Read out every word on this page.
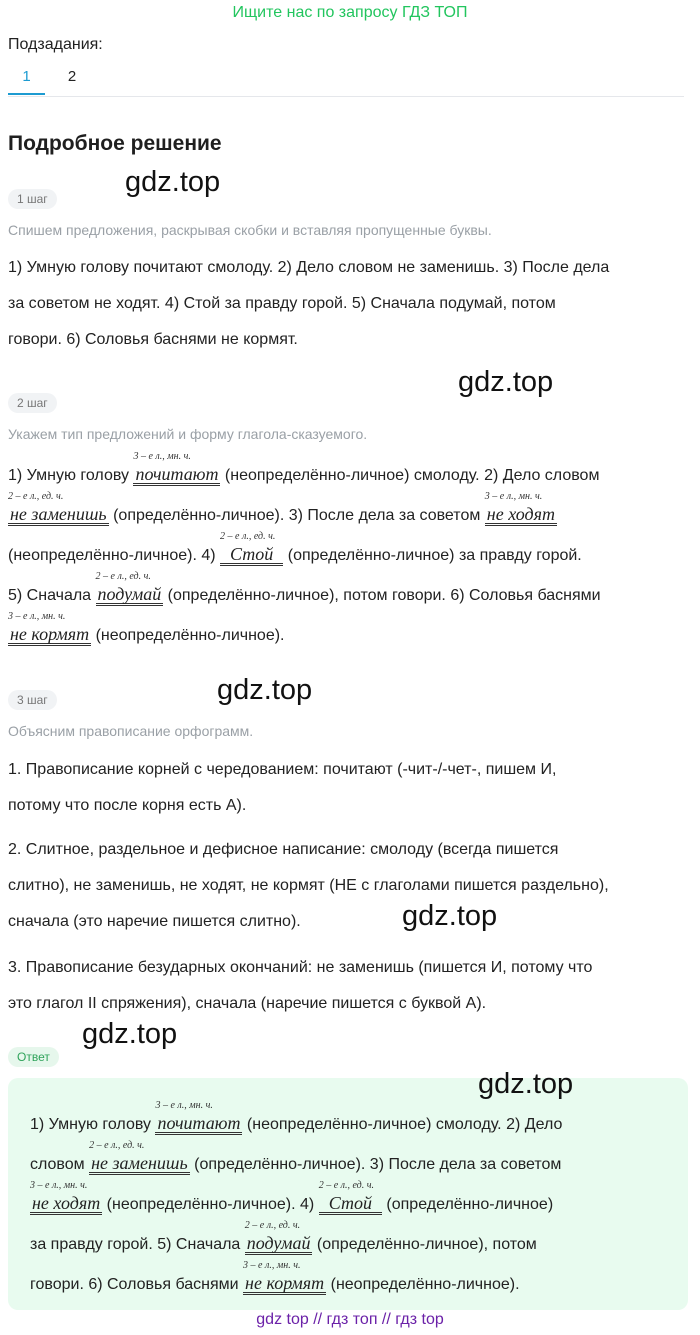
Ищите нас по запросу ГДЗ ТОП
Подзадания:
1	2
Подробное решение
1 шаг
gdz.top
Спишем предложения, раскрывая скобки и вставляя пропущенные буквы.
1) Умную голову почитают смолоду. 2) Дело словом не заменишь. 3) После дела
за советом не ходят. 4) Стой за правду горой. 5) Сначала подумай, потом
говори. 6) Соловья баснями не кормят.
gdz.top
2 шаг
Укажем тип предложений и форму глагола-сказуемого.
1) Умную голову
3 – е л., мн. ч.
почитают (неопределённо-личное) смолоду. 2) Дело словом
2 – е л., ед. ч.
не заменишь (определённо-личное). 3) После дела за советом
3 – е л., мн. ч.
не ходят
(неопределённо-личное). 4)
2 – е л., ед. ч.
Стой (определённо-личное) за правду горой.
5) Сначала
2 – е л., ед. ч.
подумай (определённо-личное), потом говори. 6) Соловья баснями
3 – е л., мн. ч.
не кормят (неопределённо-личное).
gdz.top
3 шаг
Объясним правописание орфограмм.
1. Правописание корней с чередованием: почитают (-чит-/-чет-, пишем И,
потому что после корня есть А).
2. Слитное, раздельное и дефисное написание: смолоду (всегда пишется
слитно), не заменишь, не ходят, не кормят (НЕ с глаголами пишется раздельно),
сначала (это наречие пишется слитно).	gdz.top
3. Правописание безударных окончаний: не заменишь (пишется И, потому что
это глагол II спряжения), сначала (наречие пишется с буквой А).
gdz.top
Ответ
gdz.top
1) Умную голову
3 – е л., мн. ч.
почитают (неопределённо-личное) смолоду. 2) Дело
словом
2 – е л., ед. ч.
не заменишь (определённо-личное). 3) После дела за советом
3 – е л., мн. ч.
не ходят (неопределённо-личное). 4)
2 – е л., ед. ч.
Стой (определённо-личное)
за правду горой. 5) Сначала
2 – е л., ед. ч.
подумай (определённо-личное), потом
говори. 6) Соловья баснями
3 – е л., мн. ч.
не кормят (неопределённо-личное).
gdz top // гдз топ // гдз top
